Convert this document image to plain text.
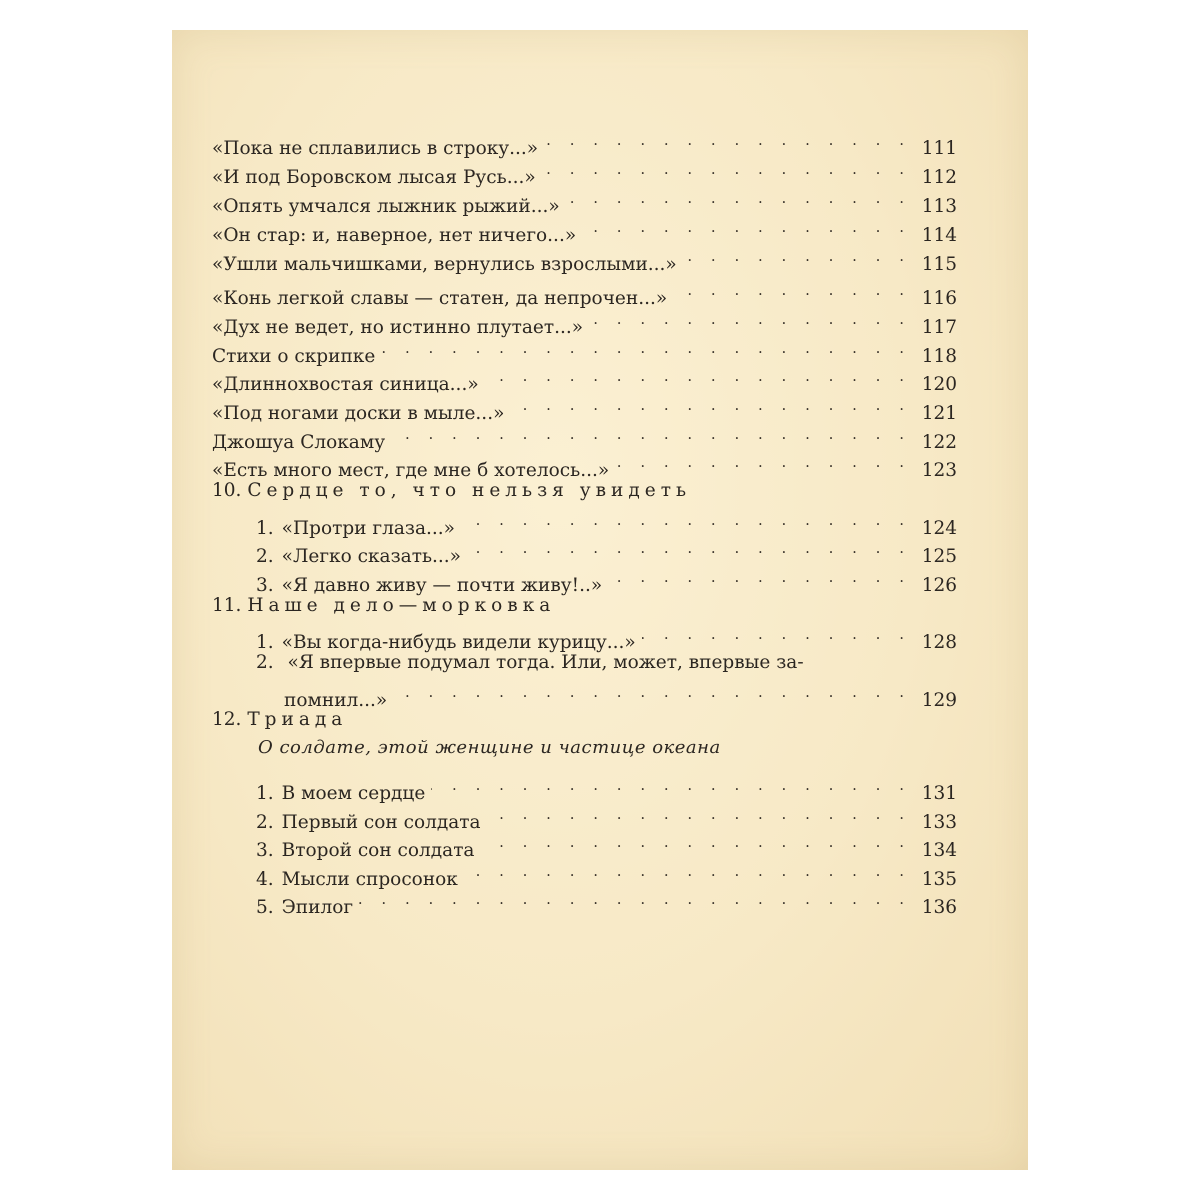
«Пока не сплавились в строку...» . . .	111
«И под Боровском лысая Русь...» . . .	112
«Опять умчался лыжник рыжий...» . . .	113
«Он стар: и, наверное, нет ничего...» . . .	114
«Ушли мальчишками, вернулись взрослыми...» . . .	115
«Конь легкой славы — статен, да непрочен...» . . .	116
«Дух не ведет, но истинно плутает...» . . .	117
Стихи о скрипке . . .	118
«Длиннохвостая синица...» . . .	120
«Под ногами доски в мыле...» . . .	121
Джошуа Слокаму . . .	122
«Есть много мест, где мне б хотелось...» . . .	123
10. Сердце то, что нельзя увидеть
1. «Протри глаза...» . . .	124
2. «Легко сказать...» . . .	125
3. «Я давно живу — почти живу!..» . . .	126
11. Наше дело—морковка
1. «Вы когда-нибудь видели курицу...» . . .	128
2. «Я впервые подумал тогда. Или, может, впервые за-
помнил...» . . .	129
12. Триада
О солдате, этой женщине и частице океана
1. В моем сердце . . .	131
2. Первый сон солдата . . .	133
3. Второй сон солдата . . .	134
4. Мысли спросонок . . .	135
5. Эпилог . . .	136
